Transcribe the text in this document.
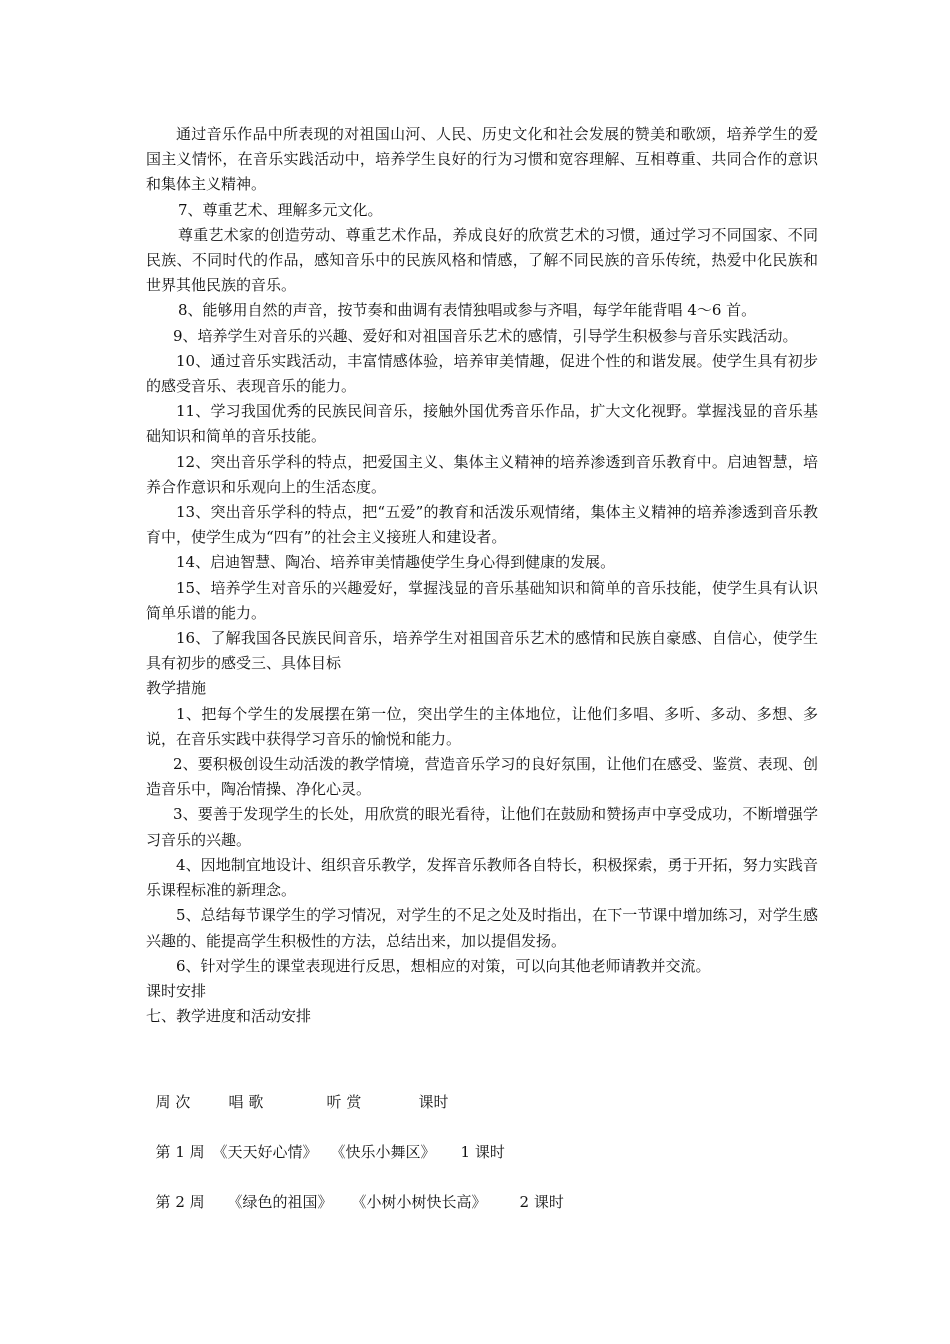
通过音乐作品中所表现的对祖国山河、人民、历史文化和社会发展的赞美和歌颂，培养学生的爱国主义情怀，在音乐实践活动中，培养学生良好的行为习惯和宽容理解、互相尊重、共同合作的意识和集体主义精神。

7、尊重艺术、理解多元文化。

尊重艺术家的创造劳动、尊重艺术作品，养成良好的欣赏艺术的习惯，通过学习不同国家、不同民族、不同时代的作品，感知音乐中的民族风格和情感，了解不同民族的音乐传统，热爱中化民族和世界其他民族的音乐。

8、能够用自然的声音，按节奏和曲调有表情独唱或参与齐唱，每学年能背唱 4～6 首。

9、培养学生对音乐的兴趣、爱好和对祖国音乐艺术的感情，引导学生积极参与音乐实践活动。

10、通过音乐实践活动，丰富情感体验，培养审美情趣，促进个性的和谐发展。使学生具有初步的感受音乐、表现音乐的能力。

11、学习我国优秀的民族民间音乐，接触外国优秀音乐作品，扩大文化视野。掌握浅显的音乐基础知识和简单的音乐技能。

12、突出音乐学科的特点，把爱国主义、集体主义精神的培养渗透到音乐教育中。启迪智慧，培养合作意识和乐观向上的生活态度。

13、突出音乐学科的特点，把“五爱”的教育和活泼乐观情绪，集体主义精神的培养渗透到音乐教育中，使学生成为“四有”的社会主义接班人和建设者。

14、启迪智慧、陶冶、培养审美情趣使学生身心得到健康的发展。

15、培养学生对音乐的兴趣爱好，掌握浅显的音乐基础知识和简单的音乐技能，使学生具有认识简单乐谱的能力。

16、了解我国各民族民间音乐，培养学生对祖国音乐艺术的感情和民族自豪感、自信心，使学生具有初步的感受三、具体目标

教学措施

1、把每个学生的发展摆在第一位，突出学生的主体地位，让他们多唱、多听、多动、多想、多说，在音乐实践中获得学习音乐的愉悦和能力。

2、要积极创设生动活泼的教学情境，营造音乐学习的良好氛围，让他们在感受、鉴赏、表现、创造音乐中，陶冶情操、净化心灵。

3、要善于发现学生的长处，用欣赏的眼光看待，让他们在鼓励和赞扬声中享受成功，不断增强学习音乐的兴趣。

4、因地制宜地设计、组织音乐教学，发挥音乐教师各自特长，积极探索，勇于开拓，努力实践音乐课程标准的新理念。

5、总结每节课学生的学习情况，对学生的不足之处及时指出，在下一节课中增加练习，对学生感兴趣的、能提高学生积极性的方法，总结出来，加以提倡发扬。

6、针对学生的课堂表现进行反思，想相应的对策，可以向其他老师请教并交流。

课时安排

七、教学进度和活动安排

周 次	唱 歌	听 赏	课时

第 1 周 《天天好心情》 《快乐小舞区》 1 课时

第 2 周 《绿色的祖国》 《小树小树快长高》 2 课时
